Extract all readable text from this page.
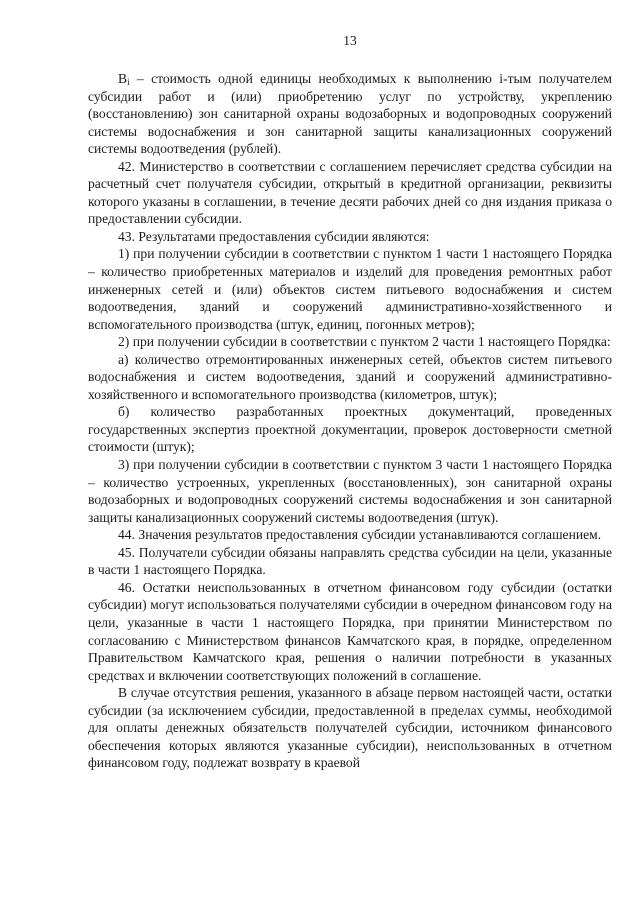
13

$B_i$ – стоимость одной единицы необходимых к выполнению i-тым получателем субсидии работ и (или) приобретению услуг по устройству, укреплению (восстановлению) зон санитарной охраны водозаборных и водопроводных сооружений системы водоснабжения и зон санитарной защиты канализационных сооружений системы водоотведения (рублей).

42. Министерство в соответствии с соглашением перечисляет средства субсидии на расчетный счет получателя субсидии, открытый в кредитной организации, реквизиты которого указаны в соглашении, в течение десяти рабочих дней со дня издания приказа о предоставлении субсидии.

43. Результатами предоставления субсидии являются:

1) при получении субсидии в соответствии с пунктом 1 части 1 настоящего Порядка – количество приобретенных материалов и изделий для проведения ремонтных работ инженерных сетей и (или) объектов систем питьевого водоснабжения и систем водоотведения, зданий и сооружений административно-хозяйственного и вспомогательного производства (штук, единиц, погонных метров);

2) при получении субсидии в соответствии с пунктом 2 части 1 настоящего Порядка:

а) количество отремонтированных инженерных сетей, объектов систем питьевого водоснабжения и систем водоотведения, зданий и сооружений административно-хозяйственного и вспомогательного производства (километров, штук);

б) количество разработанных проектных документаций, проведенных государственных экспертиз проектной документации, проверок достоверности сметной стоимости (штук);

3) при получении субсидии в соответствии с пунктом 3 части 1 настоящего Порядка – количество устроенных, укрепленных (восстановленных), зон санитарной охраны водозаборных и водопроводных сооружений системы водоснабжения и зон санитарной защиты канализационных сооружений системы водоотведения (штук).

44. Значения результатов предоставления субсидии устанавливаются соглашением.

45. Получатели субсидии обязаны направлять средства субсидии на цели, указанные в части 1 настоящего Порядка.

46. Остатки неиспользованных в отчетном финансовом году субсидии (остатки субсидии) могут использоваться получателями субсидии в очередном финансовом году на цели, указанные в части 1 настоящего Порядка, при принятии Министерством по согласованию с Министерством финансов Камчатского края, в порядке, определенном Правительством Камчатского края, решения о наличии потребности в указанных средствах и включении соответствующих положений в соглашение.

В случае отсутствия решения, указанного в абзаце первом настоящей части, остатки субсидии (за исключением субсидии, предоставленной в пределах суммы, необходимой для оплаты денежных обязательств получателей субсидии, источником финансового обеспечения которых являются указанные субсидии), неиспользованных в отчетном финансовом году, подлежат возврату в краевой
